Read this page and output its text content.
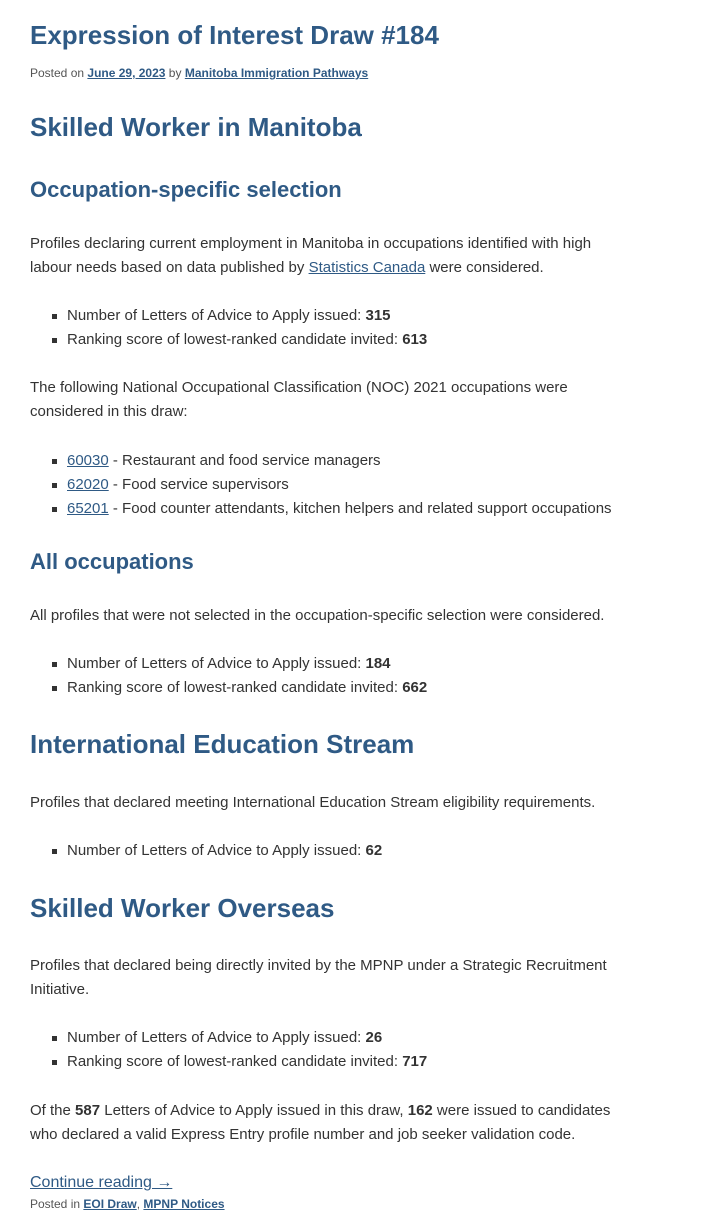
Expression of Interest Draw #184
Posted on June 29, 2023 by Manitoba Immigration Pathways
Skilled Worker in Manitoba
Occupation-specific selection
Profiles declaring current employment in Manitoba in occupations identified with high
labour needs based on data published by Statistics Canada were considered.
Number of Letters of Advice to Apply issued: 315
Ranking score of lowest-ranked candidate invited: 613
The following National Occupational Classification (NOC) 2021 occupations were
considered in this draw:
60030 - Restaurant and food service managers
62020 - Food service supervisors
65201 - Food counter attendants, kitchen helpers and related support occupations
All occupations
All profiles that were not selected in the occupation-specific selection were considered.
Number of Letters of Advice to Apply issued: 184
Ranking score of lowest-ranked candidate invited: 662
International Education Stream
Profiles that declared meeting International Education Stream eligibility requirements.
Number of Letters of Advice to Apply issued: 62
Skilled Worker Overseas
Profiles that declared being directly invited by the MPNP under a Strategic Recruitment
Initiative.
Number of Letters of Advice to Apply issued: 26
Ranking score of lowest-ranked candidate invited: 717
Of the 587 Letters of Advice to Apply issued in this draw, 162 were issued to candidates
who declared a valid Express Entry profile number and job seeker validation code.
Continue reading →
Posted in EOI Draw, MPNP Notices
